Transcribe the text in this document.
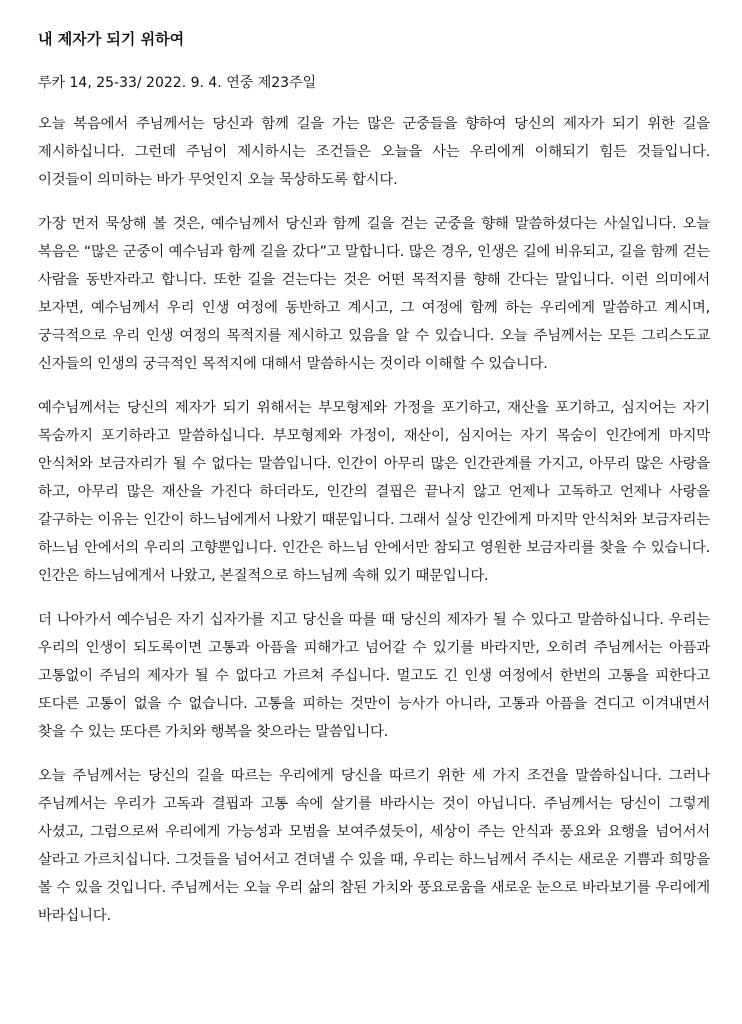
내 제자가 되기 위하여
루카 14, 25-33/ 2022. 9. 4. 연중 제23주일

오늘 복음에서 주님께서는 당신과 함께 길을 가는 많은 군중들을 향하여 당신의 제자가 되기 위한 길을 제시하십니다. 그런데 주님이 제시하시는 조건들은 오늘을 사는 우리에게 이해되기 힘든 것들입니다. 이것들이 의미하는 바가 무엇인지 오늘 묵상하도록 합시다.

가장 먼저 묵상해 볼 것은, 예수님께서 당신과 함께 길을 걷는 군중을 향해 말씀하셨다는 사실입니다. 오늘 복음은 “많은 군중이 예수님과 함께 길을 갔다”고 말합니다. 많은 경우, 인생은 길에 비유되고, 길을 함께 걷는 사람을 동반자라고 합니다. 또한 길을 걷는다는 것은 어떤 목적지를 향해 간다는 말입니다. 이런 의미에서 보자면, 예수님께서 우리 인생 여정에 동반하고 계시고, 그 여정에 함께 하는 우리에게 말씀하고 계시며, 궁극적으로 우리 인생 여정의 목적지를 제시하고 있음을 알 수 있습니다. 오늘 주님께서는 모든 그리스도교 신자들의 인생의 궁극적인 목적지에 대해서 말씀하시는 것이라 이해할 수 있습니다.

예수님께서는 당신의 제자가 되기 위해서는 부모형제와 가정을 포기하고, 재산을 포기하고, 심지어는 자기 목숨까지 포기하라고 말씀하십니다. 부모형제와 가정이, 재산이, 심지어는 자기 목숨이 인간에게 마지막 안식처와 보금자리가 될 수 없다는 말씀입니다. 인간이 아무리 많은 인간관계를 가지고, 아무리 많은 사랑을 하고, 아무리 많은 재산을 가진다 하더라도, 인간의 결핍은 끝나지 않고 언제나 고독하고 언제나 사랑을 갈구하는 이유는 인간이 하느님에게서 나왔기 때문입니다. 그래서 실상 인간에게 마지막 안식처와 보금자리는 하느님 안에서의 우리의 고향뿐입니다. 인간은 하느님 안에서만 참되고 영원한 보금자리를 찾을 수 있습니다. 인간은 하느님에게서 나왔고, 본질적으로 하느님께 속해 있기 때문입니다.

더 나아가서 예수님은 자기 십자가를 지고 당신을 따를 때 당신의 제자가 될 수 있다고 말씀하십니다. 우리는 우리의 인생이 되도록이면 고통과 아픔을 피해가고 넘어갈 수 있기를 바라지만, 오히려 주님께서는 아픔과 고통없이 주님의 제자가 될 수 없다고 가르쳐 주십니다. 멀고도 긴 인생 여정에서 한번의 고통을 피한다고 또다른 고통이 없을 수 없습니다. 고통을 피하는 것만이 능사가 아니라, 고통과 아픔을 견디고 이겨내면서 찾을 수 있는 또다른 가치와 행복을 찾으라는 말씀입니다.

오늘 주님께서는 당신의 길을 따르는 우리에게 당신을 따르기 위한 세 가지 조건을 말씀하십니다. 그러나 주님께서는 우리가 고독과 결핍과 고통 속에 살기를 바라시는 것이 아닙니다. 주님께서는 당신이 그렇게 사셨고, 그럼으로써 우리에게 가능성과 모범을 보여주셨듯이, 세상이 주는 안식과 풍요와 요행을 넘어서서 살라고 가르치십니다. 그것들을 넘어서고 견뎌낼 수 있을 때, 우리는 하느님께서 주시는 새로운 기쁨과 희망을 볼 수 있을 것입니다. 주님께서는 오늘 우리 삶의 참된 가치와 풍요로움을 새로운 눈으로 바라보기를 우리에게 바라십니다.
